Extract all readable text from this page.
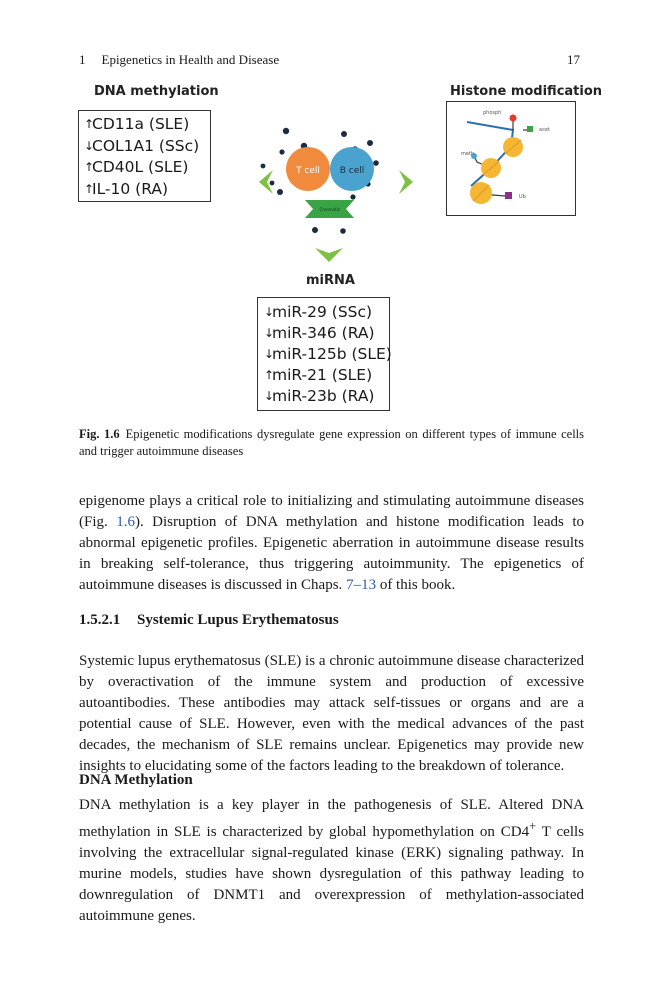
1 Epigenetics in Health and Disease	17
DNA methylation	Histone modification
miRNA
↑CD11a (SLE)
↓COL1A1 (SSc)
↑CD40L (SLE)
↑IL-10 (RA)
T cell B cell
Chromatin
phosph
acet
meth
Ub
↓miR-29 (SSc)
↓miR-346 (RA)
↓miR-125b (SLE)
↑miR-21 (SLE)
↓miR-23b (RA)
Fig. 1.6 Epigenetic modifications dysregulate gene expression on different types of immune cells and trigger autoimmune diseases
epigenome plays a critical role to initializing and stimulating autoimmune diseases (Fig. 1.6). Disruption of DNA methylation and histone modification leads to abnormal epigenetic profiles. Epigenetic aberration in autoimmune disease results in breaking self-tolerance, thus triggering autoimmunity. The epigenetics of autoimmune diseases is discussed in Chaps. 7–13 of this book.
1.5.2.1 Systemic Lupus Erythematosus
Systemic lupus erythematosus (SLE) is a chronic autoimmune disease characterized by overactivation of the immune system and production of excessive autoantibodies. These antibodies may attack self-tissues or organs and are a potential cause of SLE. However, even with the medical advances of the past decades, the mechanism of SLE remains unclear. Epigenetics may provide new insights to elucidating some of the factors leading to the breakdown of tolerance.
DNA Methylation
DNA methylation is a key player in the pathogenesis of SLE. Altered DNA methylation in SLE is characterized by global hypomethylation on CD4+ T cells involving the extracellular signal-regulated kinase (ERK) signaling pathway. In murine models, studies have shown dysregulation of this pathway leading to downregulation of DNMT1 and overexpression of methylation-associated autoimmune genes.
